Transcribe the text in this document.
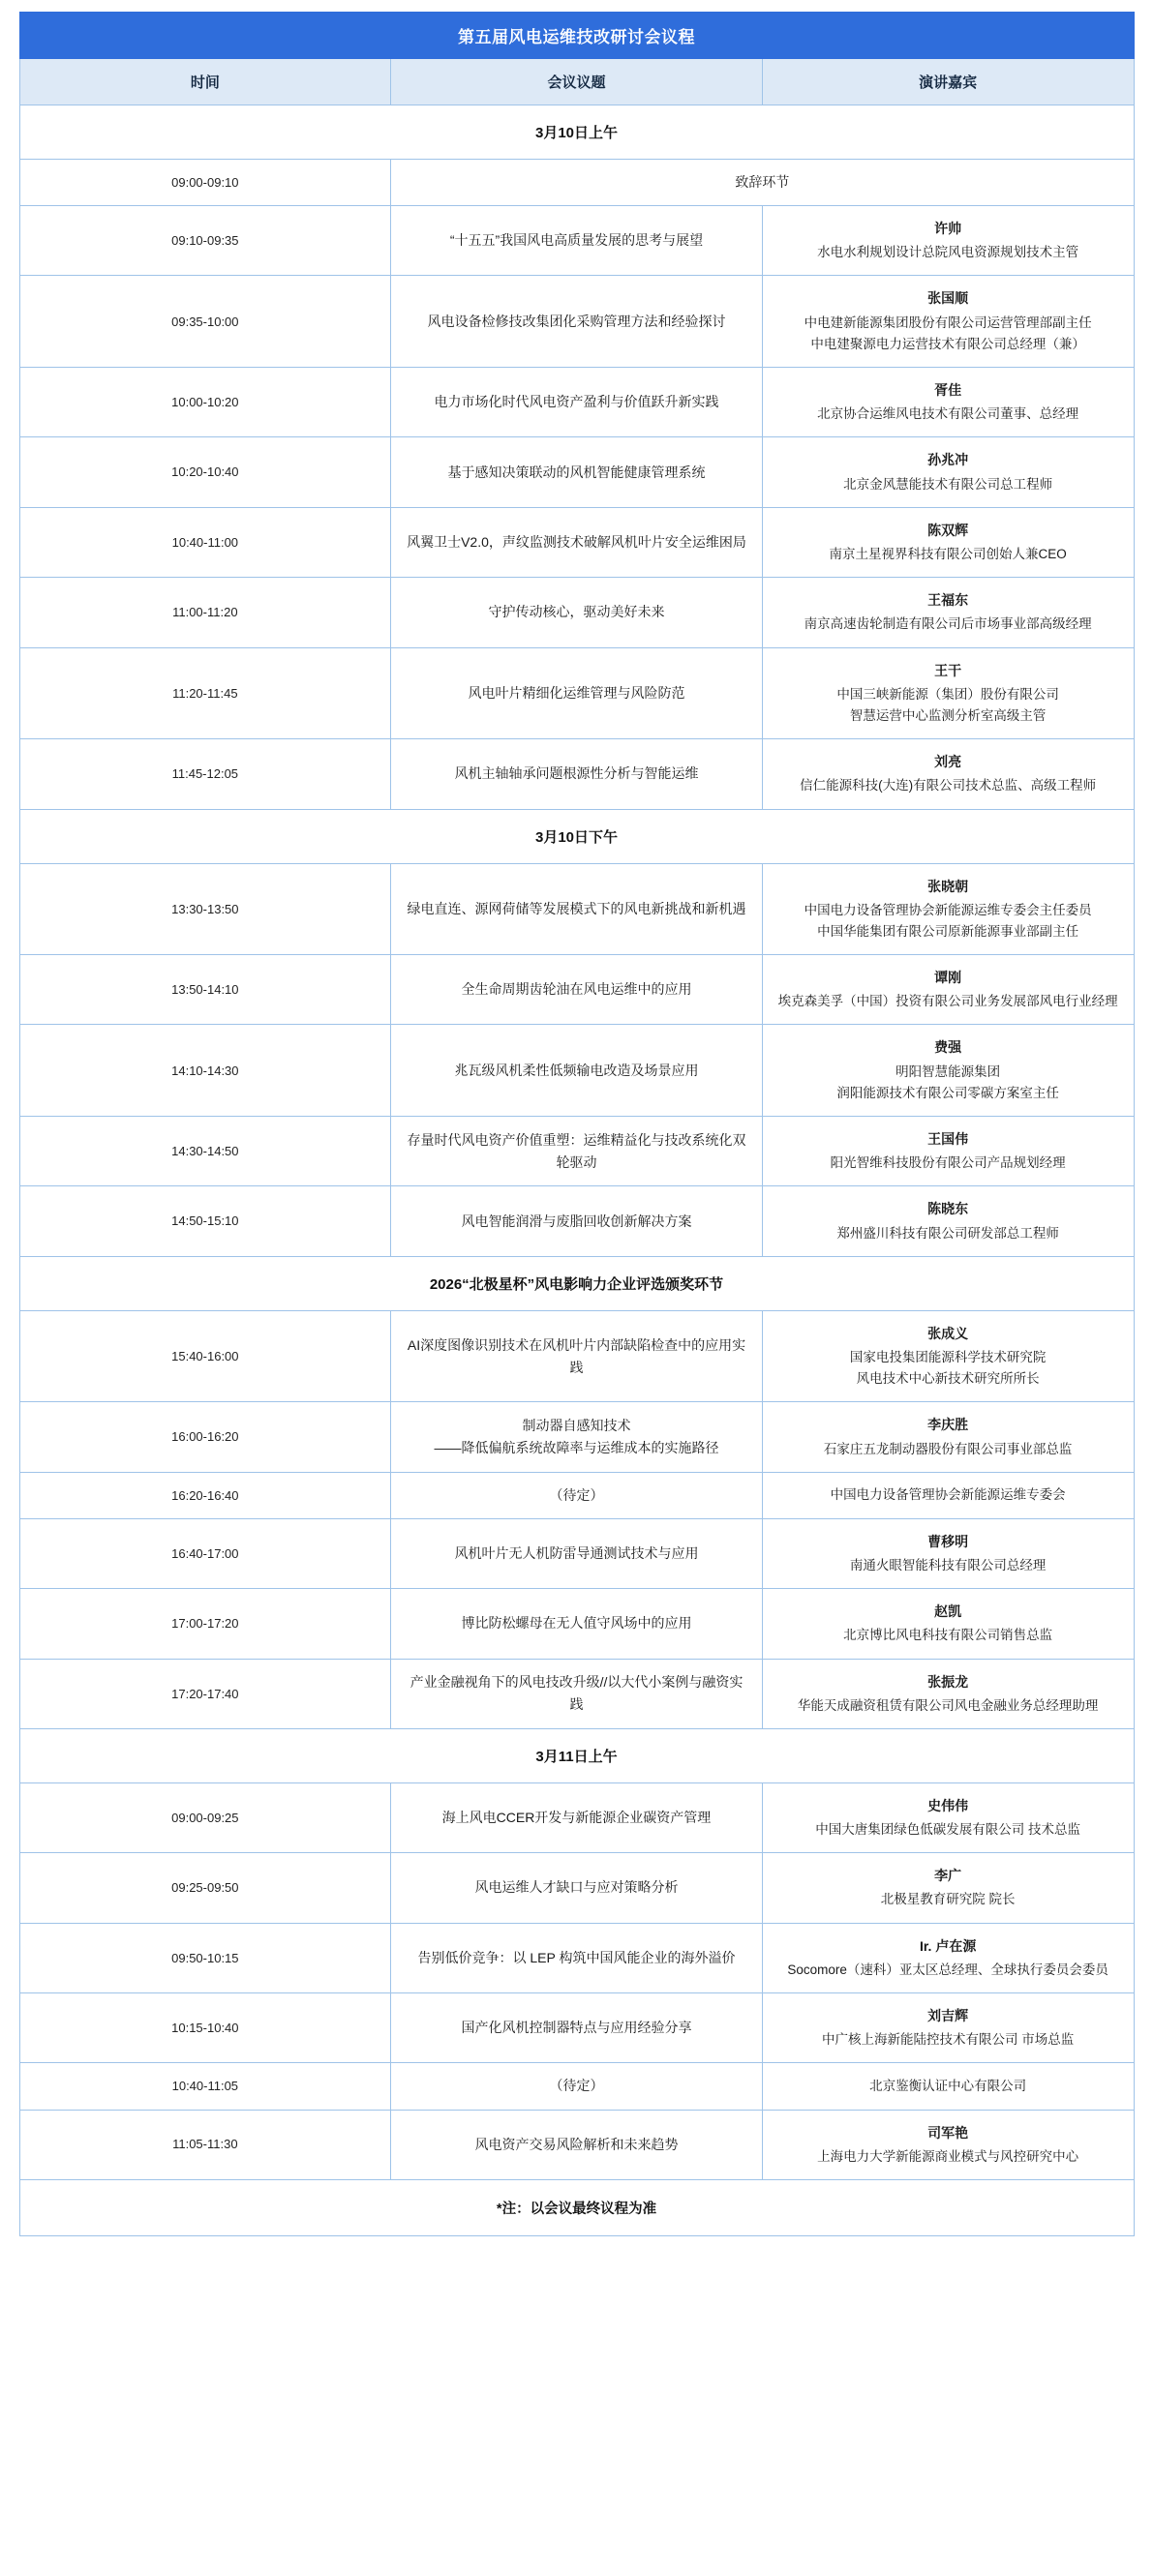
第五届风电运维技改研讨会议程		
时间	会议议题	演讲嘉宾
3月10日上午		
09:00-09:10	致辞环节	

09:10-09:35	“十五五”我国风电高质量发展的思考与展望	许帅
水电水利规划设计总院风电资源规划技术主管

09:35-10:00	风电设备检修技改集团化采购管理方法和经验探讨	张国顺
中电建新能源集团股份有限公司运营管理部副主任
中电建聚源电力运营技术有限公司总经理（兼）

10:00-10:20	电力市场化时代风电资产盈利与价值跃升新实践	胥佳
北京协合运维风电技术有限公司董事、总经理

10:20-10:40	基于感知决策联动的风机智能健康管理系统	孙兆冲
北京金风慧能技术有限公司总工程师

10:40-11:00	风翼卫士V2.0，声纹监测技术破解风机叶片安全运维困局	陈双辉
南京土星视界科技有限公司创始人兼CEO

11:00-11:20	守护传动核心，驱动美好未来	王福东
南京高速齿轮制造有限公司后市场事业部高级经理

11:20-11:45	风电叶片精细化运维管理与风险防范	王干
中国三峡新能源（集团）股份有限公司
智慧运营中心监测分析室高级主管

11:45-12:05	风机主轴轴承问题根源性分析与智能运维	刘亮
信仁能源科技(大连)有限公司技术总监、高级工程师

3月10日下午		
13:30-13:50	绿电直连、源网荷储等发展模式下的风电新挑战和新机遇	张晓朝
中国电力设备管理协会新能源运维专委会主任委员
中国华能集团有限公司原新能源事业部副主任

13:50-14:10	全生命周期齿轮油在风电运维中的应用	谭刚
埃克森美孚（中国）投资有限公司业务发展部风电行业经理

14:10-14:30	兆瓦级风机柔性低频输电改造及场景应用	费强
明阳智慧能源集团
润阳能源技术有限公司零碳方案室主任

14:30-14:50	存量时代风电资产价值重塑：运维精益化与技改系统化双轮驱动	王国伟
阳光智维科技股份有限公司产品规划经理

14:50-15:10	风电智能润滑与废脂回收创新解决方案	陈晓东
郑州盛川科技有限公司研发部总工程师

2026“北极星杯”风电影响力企业评选颁奖环节		
15:40-16:00	AI深度图像识别技术在风机叶片内部缺陷检查中的应用实践	张成义
国家电投集团能源科学技术研究院
风电技术中心新技术研究所所长

16:00-16:20	制动器自感知技术
——降低偏航系统故障率与运维成本的实施路径	李庆胜
石家庄五龙制动器股份有限公司事业部总监

16:20-16:40	（待定）	中国电力设备管理协会新能源运维专委会

16:40-17:00	风机叶片无人机防雷导通测试技术与应用	曹移明
南通火眼智能科技有限公司总经理

17:00-17:20	博比防松螺母在无人值守风场中的应用	赵凯
北京博比风电科技有限公司销售总监

17:20-17:40	产业金融视角下的风电技改升级//以大代小案例与融资实践	张振龙
华能天成融资租赁有限公司风电金融业务总经理助理

3月11日上午		
09:00-09:25	海上风电CCER开发与新能源企业碳资产管理	史伟伟
中国大唐集团绿色低碳发展有限公司 技术总监

09:25-09:50	风电运维人才缺口与应对策略分析	李广
北极星教育研究院 院长

09:50-10:15	告别低价竞争：以 LEP 构筑中国风能企业的海外溢价	Ir. 卢在源
Socomore（速科）亚太区总经理、全球执行委员会委员

10:15-10:40	国产化风机控制器特点与应用经验分享	刘吉辉
中广核上海新能陆控技术有限公司 市场总监

10:40-11:05	（待定）	北京鉴衡认证中心有限公司

11:05-11:30	风电资产交易风险解析和未来趋势	司军艳
上海电力大学新能源商业模式与风控研究中心

*注：以会议最终议程为准		
